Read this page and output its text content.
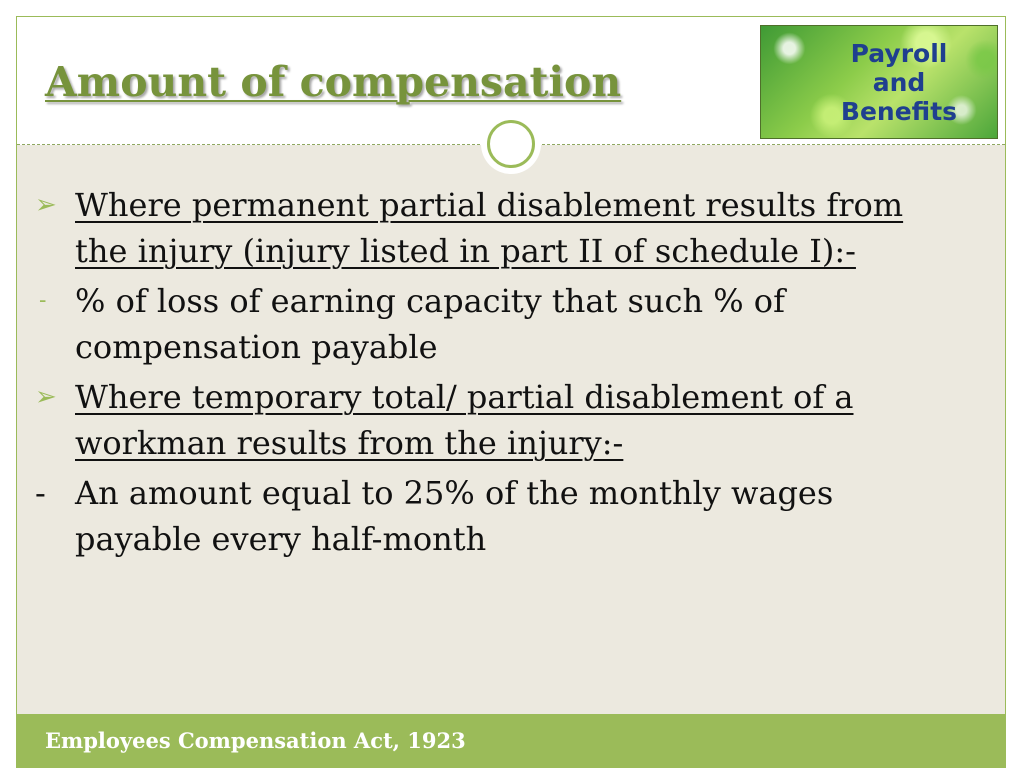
Amount of compensation
Payroll
and
Benefits
➢ Where permanent partial disablement results from the injury (injury listed in part II of schedule I):-
- % of loss of earning capacity that such % of compensation payable
➢ Where temporary total/ partial disablement of a workman results from the injury:-
- An amount equal to 25% of the monthly wages payable every half-month
Employees Compensation Act, 1923
